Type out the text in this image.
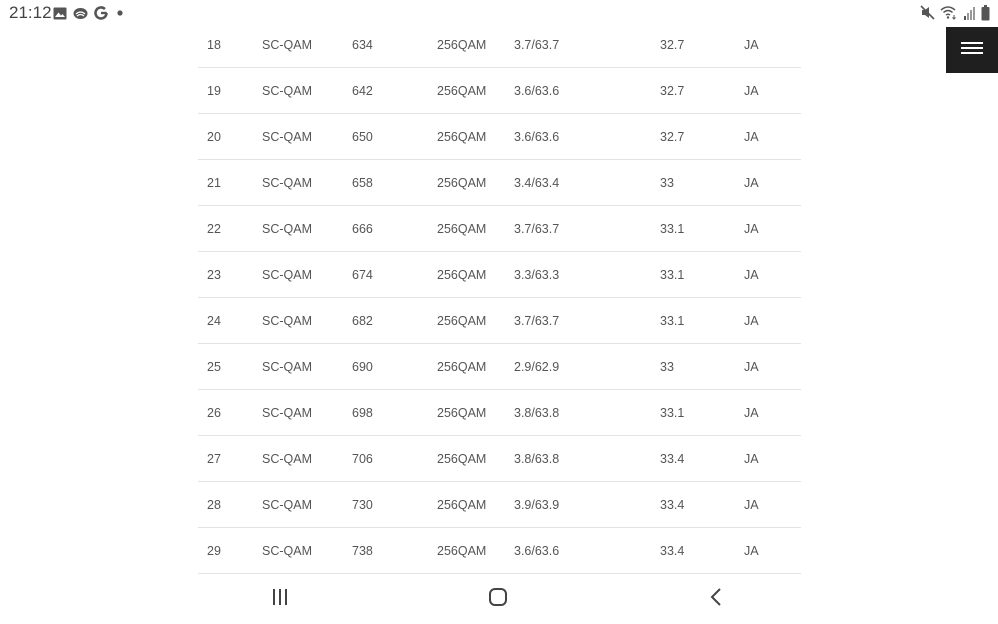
21:12
18	SC-QAM	634	256QAM	3.7/63.7	32.7	JA
19	SC-QAM	642	256QAM	3.6/63.6	32.7	JA
20	SC-QAM	650	256QAM	3.6/63.6	32.7	JA
21	SC-QAM	658	256QAM	3.4/63.4	33	JA
22	SC-QAM	666	256QAM	3.7/63.7	33.1	JA
23	SC-QAM	674	256QAM	3.3/63.3	33.1	JA
24	SC-QAM	682	256QAM	3.7/63.7	33.1	JA
25	SC-QAM	690	256QAM	2.9/62.9	33	JA
26	SC-QAM	698	256QAM	3.8/63.8	33.1	JA
27	SC-QAM	706	256QAM	3.8/63.8	33.4	JA
28	SC-QAM	730	256QAM	3.9/63.9	33.4	JA
29	SC-QAM	738	256QAM	3.6/63.6	33.4	JA
